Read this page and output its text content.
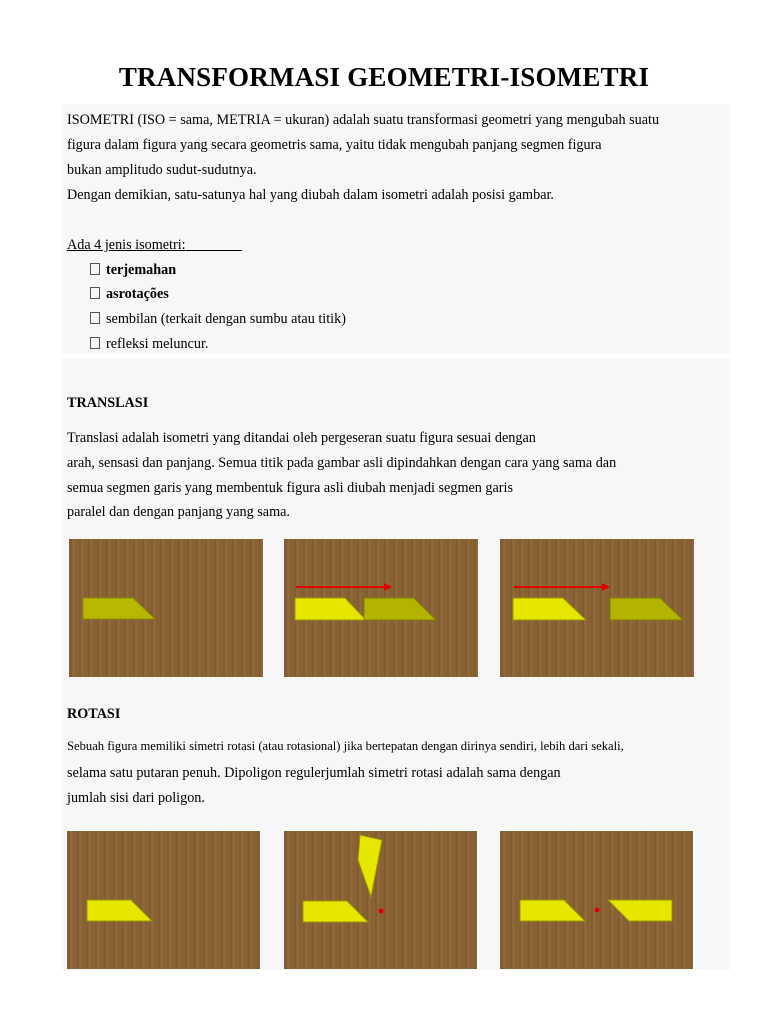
TRANSFORMASI GEOMETRI-ISOMETRI
ISOMETRI (ISO = sama, METRIA = ukuran) adalah suatu transformasi geometri yang mengubah suatu
figura dalam figura yang secara geometris sama, yaitu tidak mengubah panjang segmen figura
bukan amplitudo sudut-sudutnya.
Dengan demikian, satu-satunya hal yang diubah dalam isometri adalah posisi gambar.
Ada 4 jenis isometri:
terjemahan
asrotações
sembilan (terkait dengan sumbu atau titik)
refleksi meluncur.
TRANSLASI
Translasi adalah isometri yang ditandai oleh pergeseran suatu figura sesuai dengan
arah, sensasi dan panjang. Semua titik pada gambar asli dipindahkan dengan cara yang sama dan
semua segmen garis yang membentuk figura asli diubah menjadi segmen garis
paralel dan dengan panjang yang sama.
ROTASI
Sebuah figura memiliki simetri rotasi (atau rotasional) jika bertepatan dengan dirinya sendiri, lebih dari sekali,
selama satu putaran penuh. Dipoligon regulerjumlah simetri rotasi adalah sama dengan
jumlah sisi dari poligon.
